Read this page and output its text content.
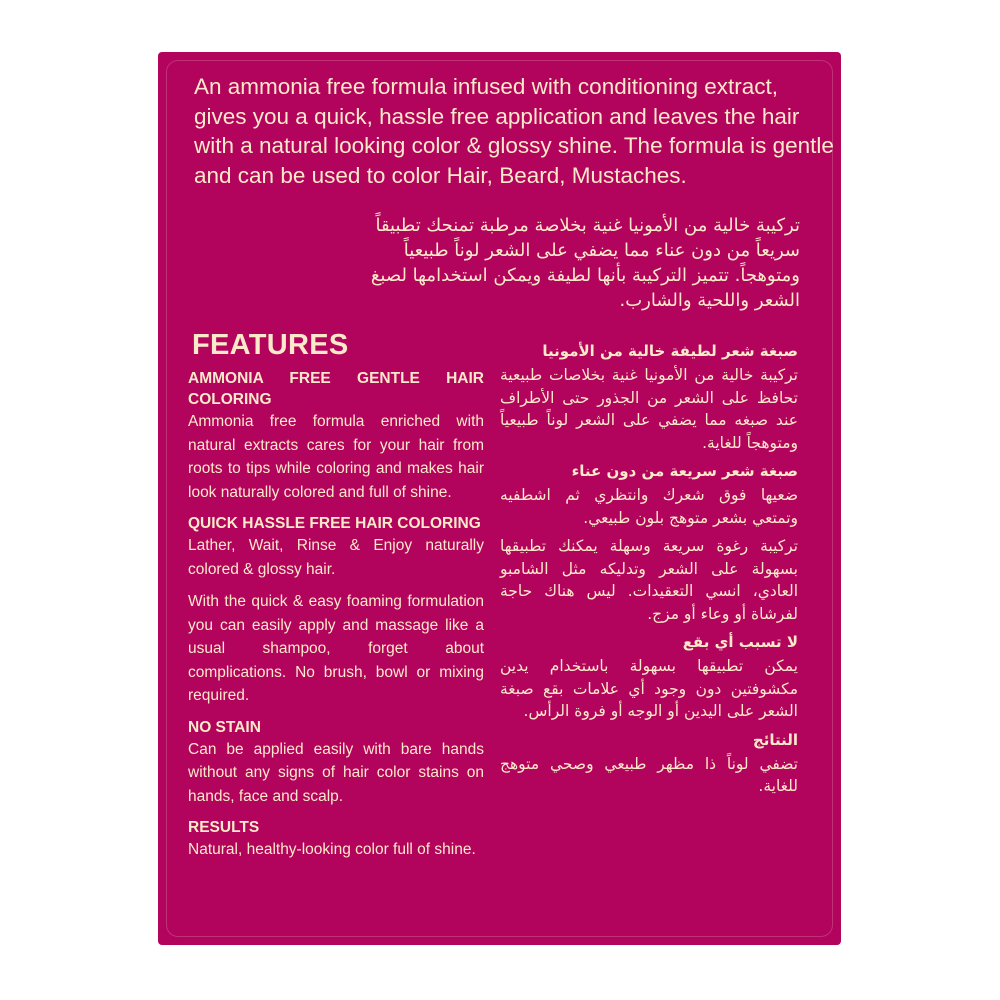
An ammonia free formula infused with conditioning extract, gives you a quick, hassle free application and leaves the hair with a natural looking color & glossy shine. The formula is gentle and can be used to color Hair, Beard, Mustaches.

تركيبة خالية من الأمونيا غنية بخلاصة مرطبة تمنحك تطبيقاً سريعاً من دون عناء مما يضفي على الشعر لوناً طبيعياً ومتوهجاً. تتميز التركيبة بأنها لطيفة ويمكن استخدامها لصبغ الشعر واللحية والشارب.

FEATURES

AMMONIA FREE GENTLE HAIR COLORING

Ammonia free formula enriched with natural extracts cares for your hair from roots to tips while coloring and makes hair look naturally colored and full of shine.

QUICK HASSLE FREE HAIR COLORING

Lather, Wait, Rinse & Enjoy naturally colored & glossy hair.

With the quick & easy foaming formulation you can easily apply and massage like a usual shampoo, forget about complications. No brush, bowl or mixing required.

NO STAIN

Can be applied easily with bare hands without any signs of hair color stains on hands, face and scalp.

RESULTS

Natural, healthy-looking color full of shine.

صبغة شعر لطيفة خالية من الأمونيا

تركيبة خالية من الأمونيا غنية بخلاصات طبيعية تحافظ على الشعر من الجذور حتى الأطراف عند صبغه مما يضفي على الشعر لوناً طبيعياً ومتوهجاً للغاية.

صبغة شعر سريعة من دون عناء

ضعيها فوق شعرك وانتظري ثم اشطفيه وتمتعي بشعر متوهج بلون طبيعي.

تركيبة رغوة سريعة وسهلة يمكنك تطبيقها بسهولة على الشعر وتدليكه مثل الشامبو العادي، انسي التعقيدات. ليس هناك حاجة لفرشاة أو وعاء أو مزج.

لا تسبب أي بقع

يمكن تطبيقها بسهولة باستخدام يدين مكشوفتين دون وجود أي علامات بقع صبغة الشعر على اليدين أو الوجه أو فروة الرأس.

النتائج

تضفي لوناً ذا مظهر طبيعي وصحي متوهج للغاية.
